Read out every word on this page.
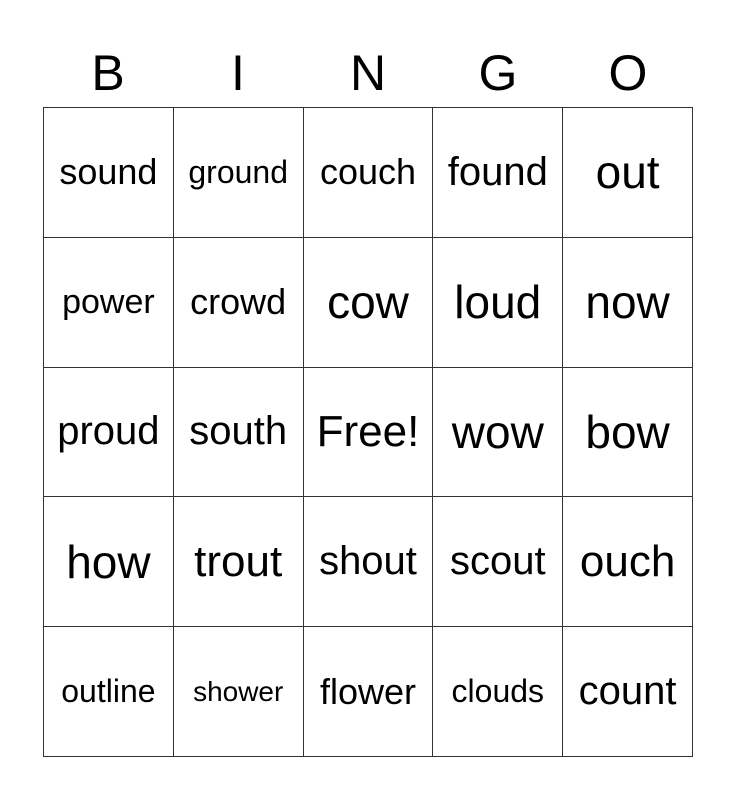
B	I	N	G	O
sound	ground	couch	found	out
power	crowd	cow	loud	now
proud	south	Free!	wow	bow
how	trout	shout	scout	ouch
outline	shower	flower	clouds	count
